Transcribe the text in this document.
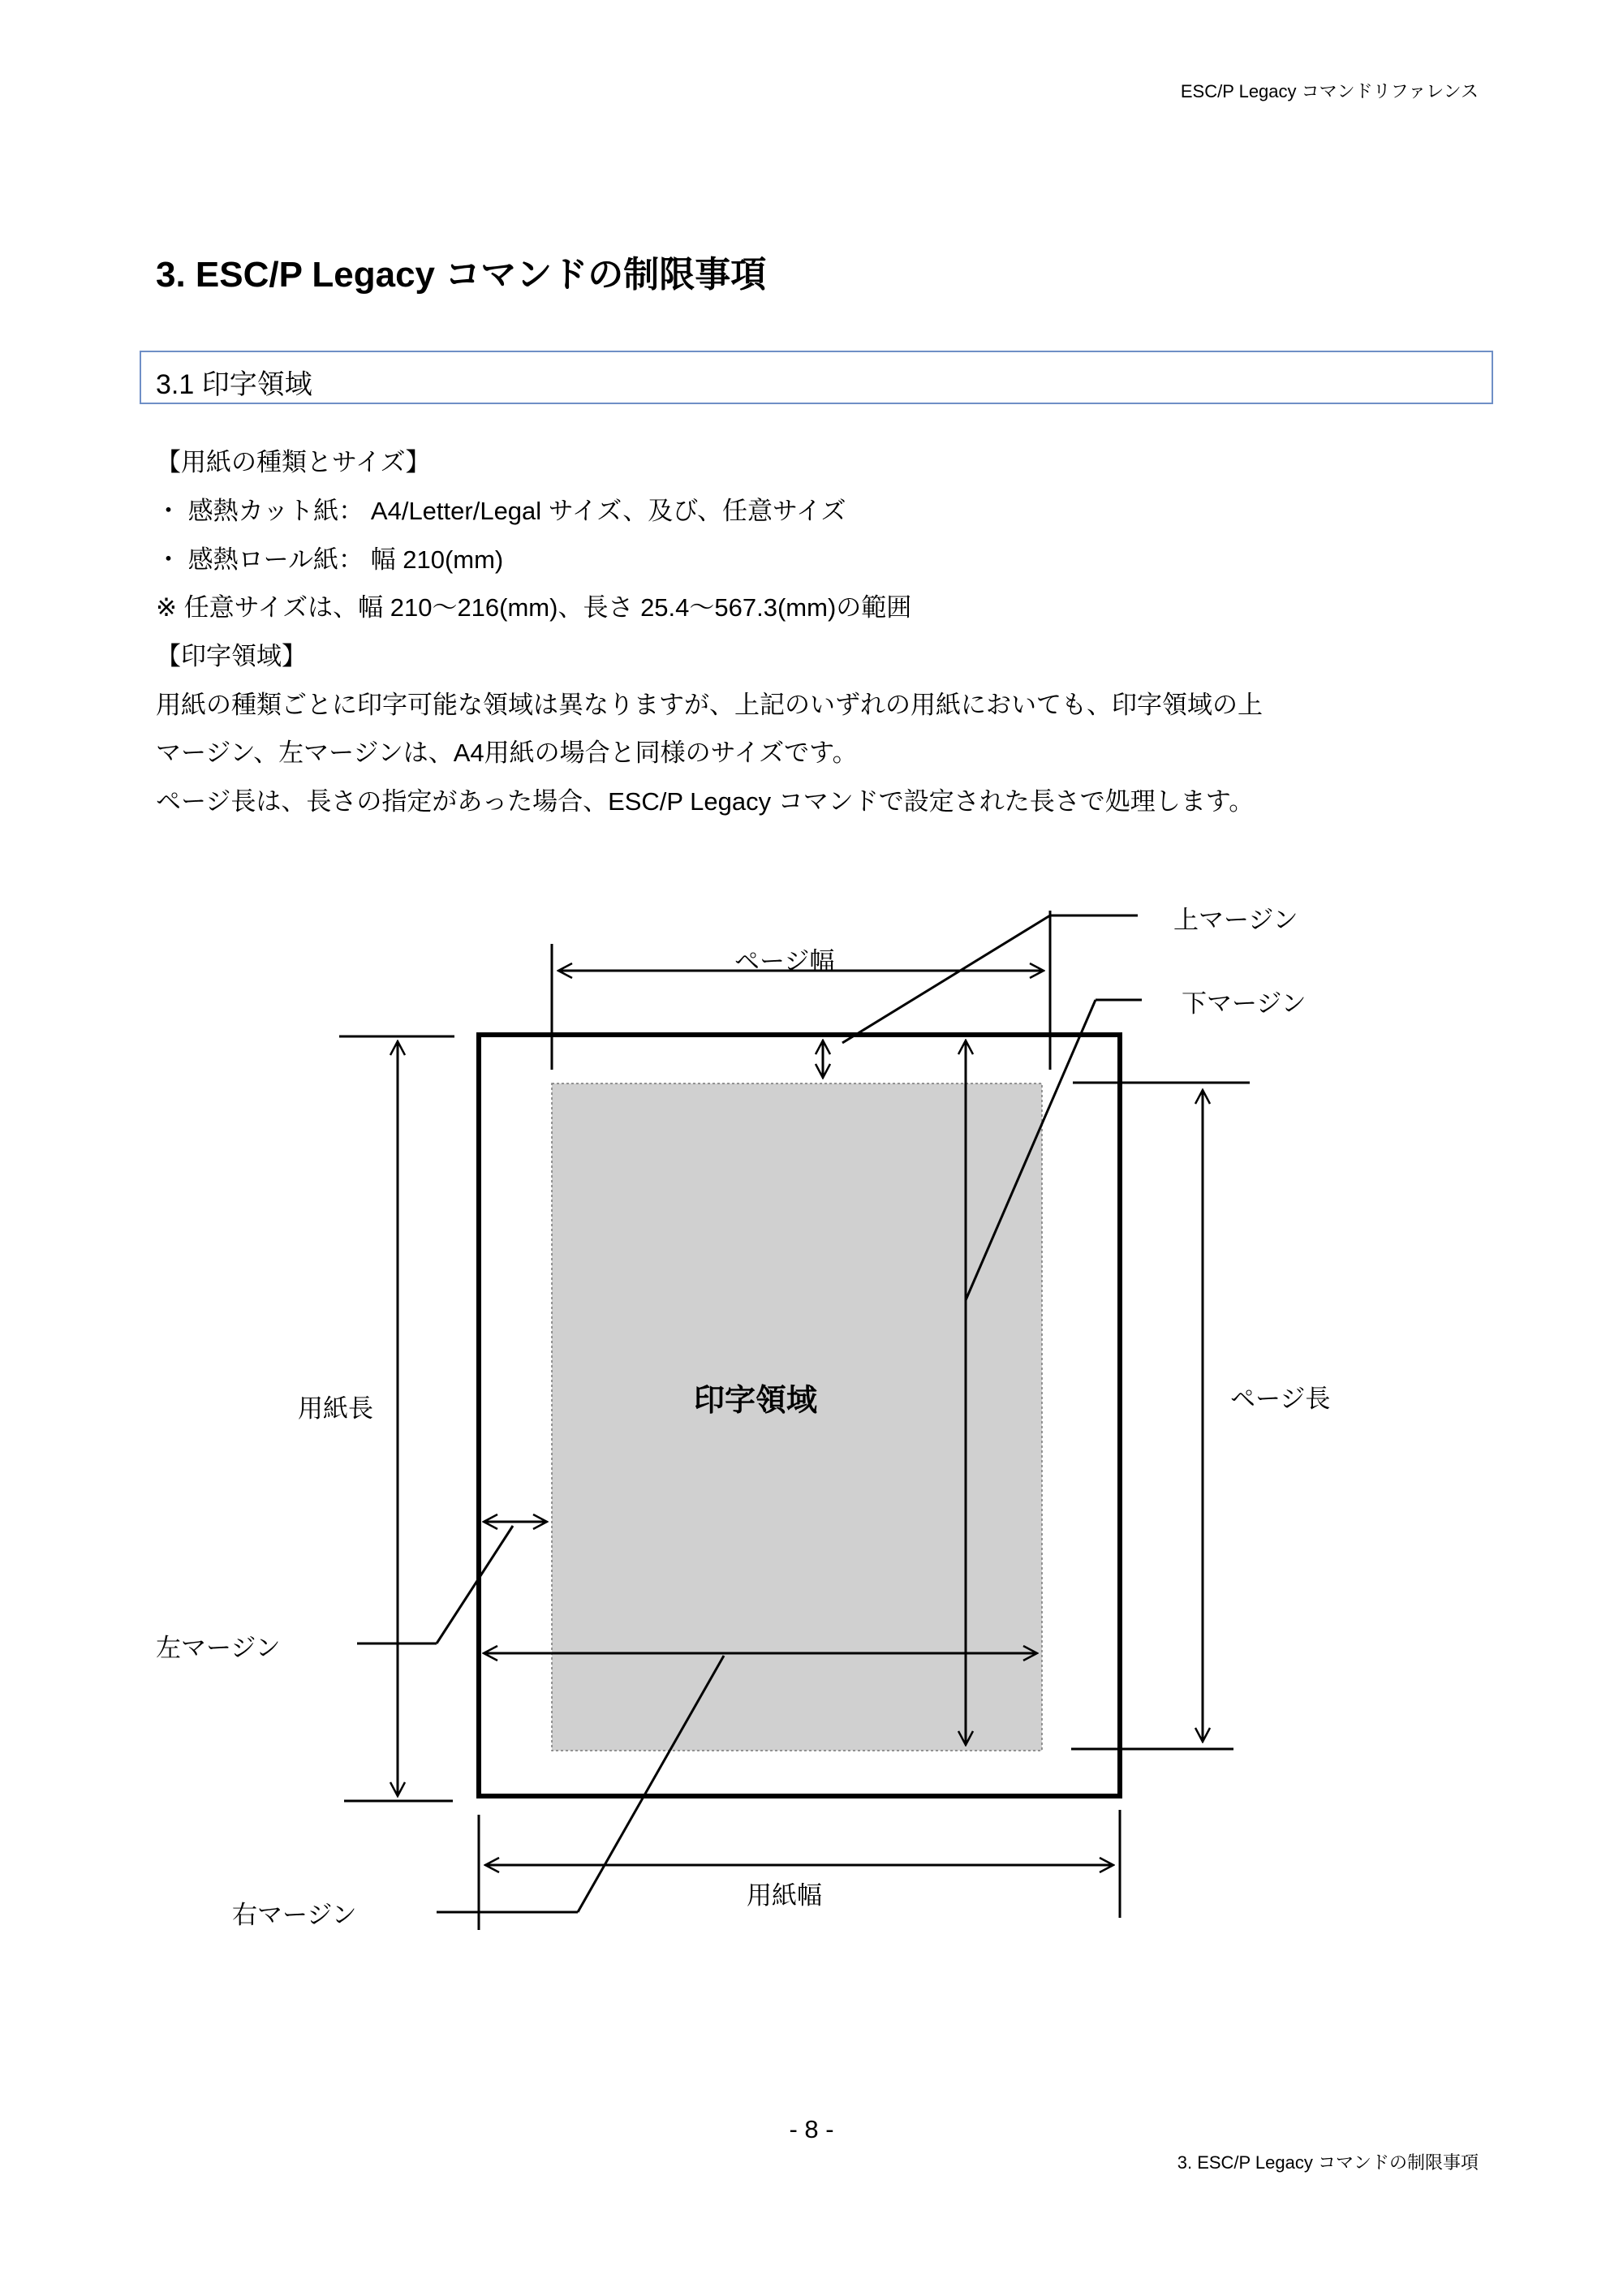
ESC/P Legacy コマンドリファレンス
3. ESC/P Legacy コマンドの制限事項
3.1 印字領域
【用紙の種類とサイズ】
・ 感熱カット紙： A4/Letter/Legal サイズ、及び、任意サイズ
・ 感熱ロール紙： 幅 210(mm)
※ 任意サイズは、幅 210～216(mm)、長さ 25.4～567.3(mm)の範囲
【印字領域】
用紙の種類ごとに印字可能な領域は異なりますが、上記のいずれの用紙においても、印字領域の上
マージン、左マージンは、A4用紙の場合と同様のサイズです。
ページ長は、長さの指定があった場合、ESC/P Legacy コマンドで設定された長さで処理します。
上マージン
ページ幅
下マージン
用紙長	印字領域	ページ長
左マージン
右マージン
用紙幅
- 8 -
3. ESC/P Legacy コマンドの制限事項
